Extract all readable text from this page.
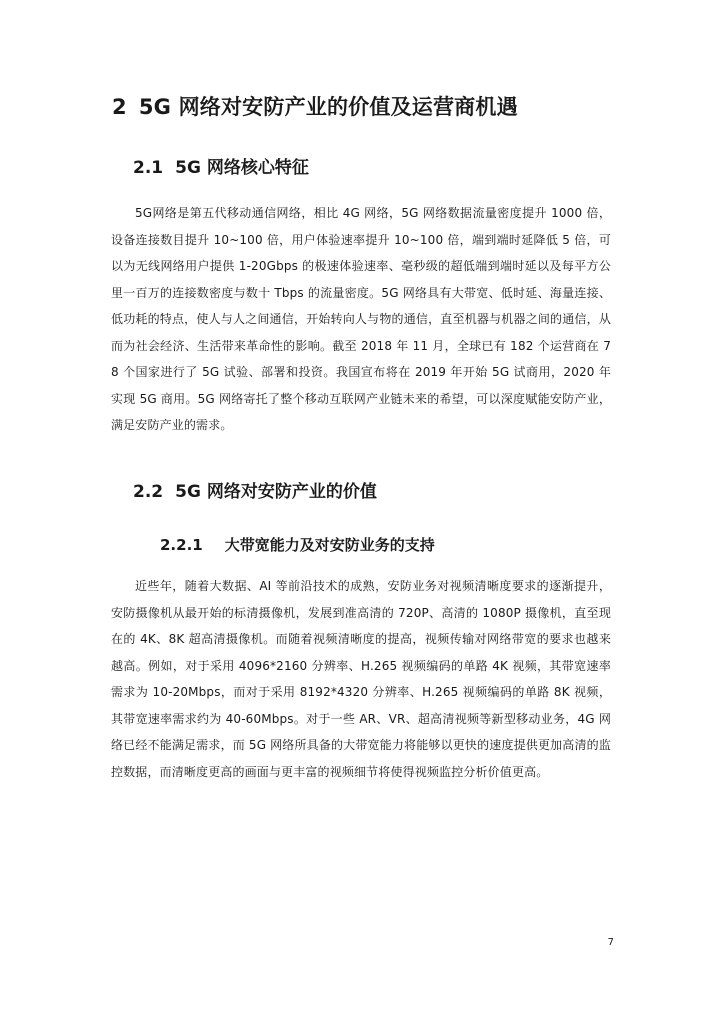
2 5G 网络对安防产业的价值及运营商机遇
2.1 5G 网络核心特征

5G网络是第五代移动通信网络，相比 4G 网络，5G 网络数据流量密度提升 1000 倍，设备连接数目提升 10~100 倍，用户体验速率提升 10~100 倍，端到端时延降低 5 倍，可以为无线网络用户提供 1-20Gbps 的极速体验速率、毫秒级的超低端到端时延以及每平方公里一百万的连接数密度与数十 Tbps 的流量密度。5G 网络具有大带宽、低时延、海量连接、低功耗的特点，使人与人之间通信，开始转向人与物的通信，直至机器与机器之间的通信，从而为社会经济、生活带来革命性的影响。截至 2018 年 11 月，全球已有 182 个运营商在 78 个国家进行了 5G 试验、部署和投资。我国宣布将在 2019 年开始 5G 试商用，2020 年实现 5G 商用。5G 网络寄托了整个移动互联网产业链未来的希望，可以深度赋能安防产业，满足安防产业的需求。

2.2 5G 网络对安防产业的价值
2.2.1 大带宽能力及对安防业务的支持

近些年，随着大数据、AI 等前沿技术的成熟，安防业务对视频清晰度要求的逐渐提升，安防摄像机从最开始的标清摄像机，发展到准高清的 720P、高清的 1080P 摄像机，直至现在的 4K、8K 超高清摄像机。而随着视频清晰度的提高，视频传输对网络带宽的要求也越来越高。例如，对于采用 4096*2160 分辨率、H.265 视频编码的单路 4K 视频，其带宽速率需求为 10-20Mbps，而对于采用 8192*4320 分辨率、H.265 视频编码的单路 8K 视频，其带宽速率需求约为 40-60Mbps。对于一些 AR、VR、超高清视频等新型移动业务，4G 网络已经不能满足需求，而 5G 网络所具备的大带宽能力将能够以更快的速度提供更加高清的监控数据，而清晰度更高的画面与更丰富的视频细节将使得视频监控分析价值更高。

7
